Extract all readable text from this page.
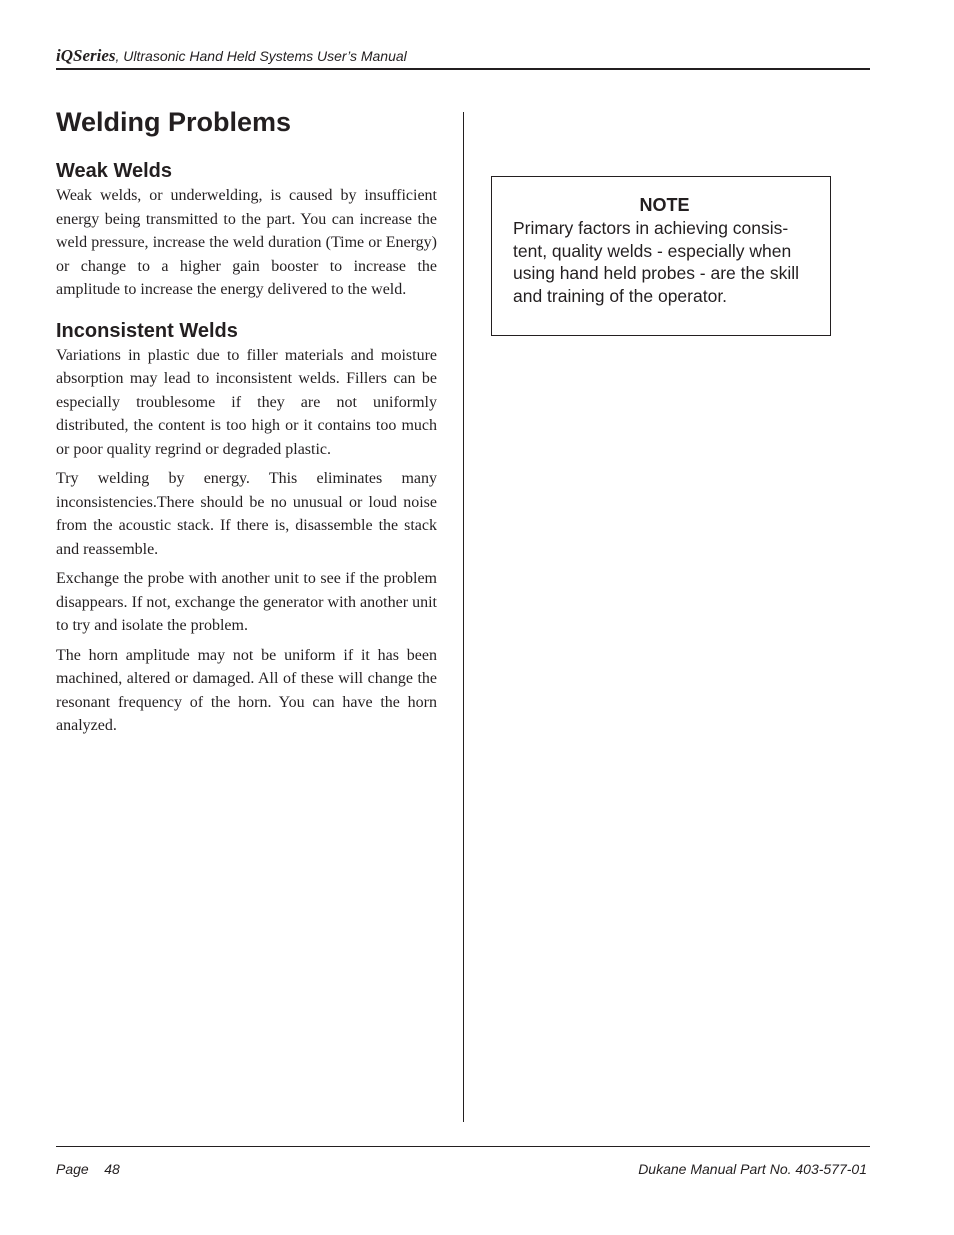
iQSeries, Ultrasonic Hand Held Systems User’s Manual
Welding Problems
Weak Welds

Weak welds, or underwelding, is caused by insufficient energy being transmitted to the part. You can increase the weld pressure, increase the weld duration (Time or Energy) or change to a higher gain booster to increase the amplitude to increase the energy delivered to the weld.

Inconsistent Welds

Variations in plastic due to filler materials and moisture absorption may lead to inconsistent welds. Fillers can be especially troublesome if they are not uniformly distributed, the content is too high or it contains too much or poor quality regrind or degraded plastic.

Try welding by energy. This eliminates many inconsistencies.There should be no unusual or loud noise from the acoustic stack. If there is, disassemble the stack and reassemble.

Exchange the probe with another unit to see if the problem disappears. If not, exchange the generator with another unit to try and isolate the problem.

The horn amplitude may not be uniform if it has been machined, altered or damaged. All of these will change the resonant frequency of the horn. You can have the horn analyzed.

NOTE
Primary factors in achieving consis- tent, quality welds - especially when using hand held probes - are the skill and training of the operator.
Page 48	Dukane Manual Part No. 403-577-01
